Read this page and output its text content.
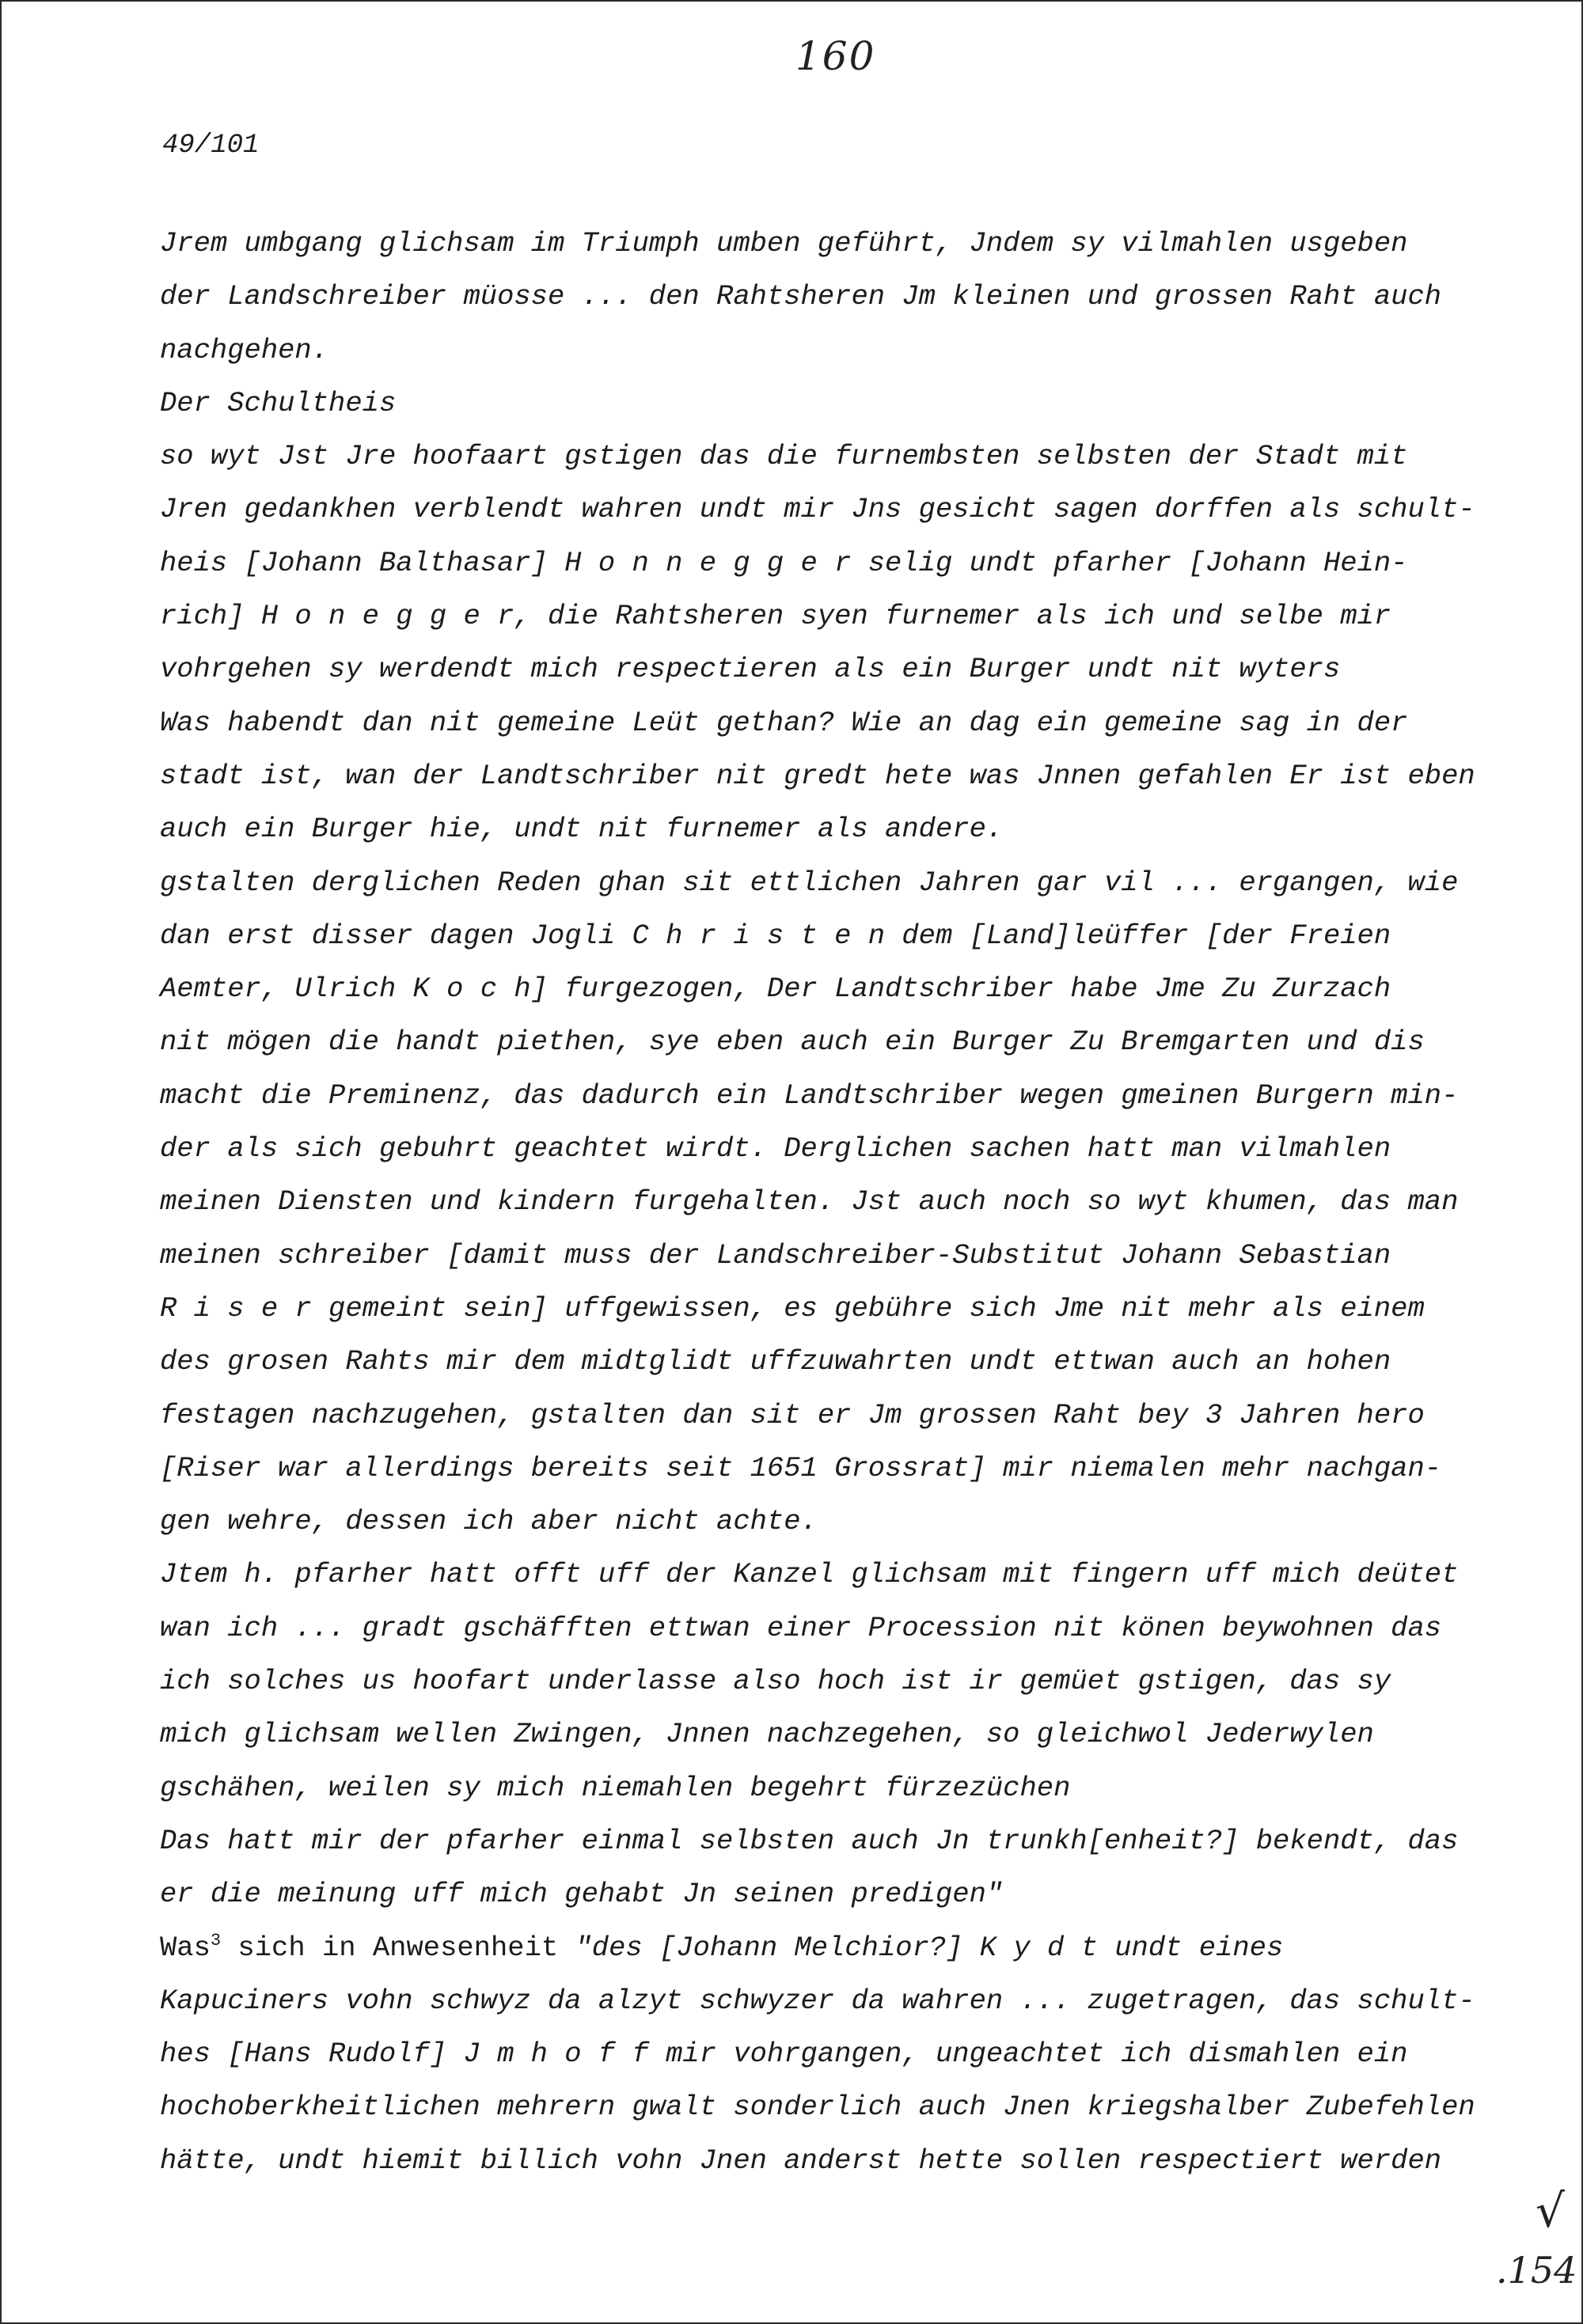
160
49/101
Jrem umbgang glichsam im Triumph umben geführt, Jndem sy vilmahlen usgeben
der Landschreiber müosse ... den Rahtsheren Jm kleinen und grossen Raht auch
nachgehen.
Der Schultheis
so wyt Jst Jre hoofaart gstigen das die furnembsten selbsten der Stadt mit
Jren gedankhen verblendt wahren undt mir Jns gesicht sagen dorffen als schult-
heis [Johann Balthasar] H o n n e g g e r selig undt pfarher [Johann Hein-
rich] H o n e g g e r, die Rahtsheren syen furnemer als ich und selbe mir
vohrgehen sy werdendt mich respectieren als ein Burger undt nit wyters
Was habendt dan nit gemeine Leüt gethan? Wie an dag ein gemeine sag in der
stadt ist, wan der Landtschriber nit gredt hete was Jnnen gefahlen Er ist eben
auch ein Burger hie, undt nit furnemer als andere.
gstalten derglichen Reden ghan sit ettlichen Jahren gar vil ... ergangen, wie
dan erst disser dagen Jogli C h r i s t e n dem [Land]leüffer [der Freien
Aemter, Ulrich K o c h] furgezogen, Der Landtschriber habe Jme Zu Zurzach
nit mögen die handt piethen, sye eben auch ein Burger Zu Bremgarten und dis
macht die Preminenz, das dadurch ein Landtschriber wegen gmeinen Burgern min-
der als sich gebuhrt geachtet wirdt. Derglichen sachen hatt man vilmahlen
meinen Diensten und kindern furgehalten. Jst auch noch so wyt khumen, das man
meinen schreiber [damit muss der Landschreiber-Substitut Johann Sebastian
R i s e r gemeint sein] uffgewissen, es gebühre sich Jme nit mehr als einem
des grosen Rahts mir dem midtglidt uffzuwahrten undt ettwan auch an hohen
festagen nachzugehen, gstalten dan sit er Jm grossen Raht bey 3 Jahren hero
[Riser war allerdings bereits seit 1651 Grossrat] mir niemalen mehr nachgan-
gen wehre, dessen ich aber nicht achte.
Jtem h. pfarher hatt offt uff der Kanzel glichsam mit fingern uff mich deütet
wan ich ... gradt gschäfften ettwan einer Procession nit könen beywohnen das
ich solches us hoofart underlasse also hoch ist ir gemüet gstigen, das sy
mich glichsam wellen Zwingen, Jnnen nachzegehen, so gleichwol Jederwylen
gschähen, weilen sy mich niemahlen begehrt fürzezüchen
Das hatt mir der pfarher einmal selbsten auch Jn trunkh[enheit?] bekendt, das
er die meinung uff mich gehabt Jn seinen predigen"
Was$^3$ sich in Anwesenheit "des [Johann Melchior?] K y d t undt eines
Kapuciners vohn schwyz da alzyt schwyzer da wahren ... zugetragen, das schult-
hes [Hans Rudolf] J m h o f f mir vohrgangen, ungeachtet ich dismahlen ein
hochoberkheitlichen mehrern gwalt sonderlich auch Jnen kriegshalber Zubefehlen
hätte, undt hiemit billich vohn Jnen anderst hette sollen respectiert werden
√
.154
